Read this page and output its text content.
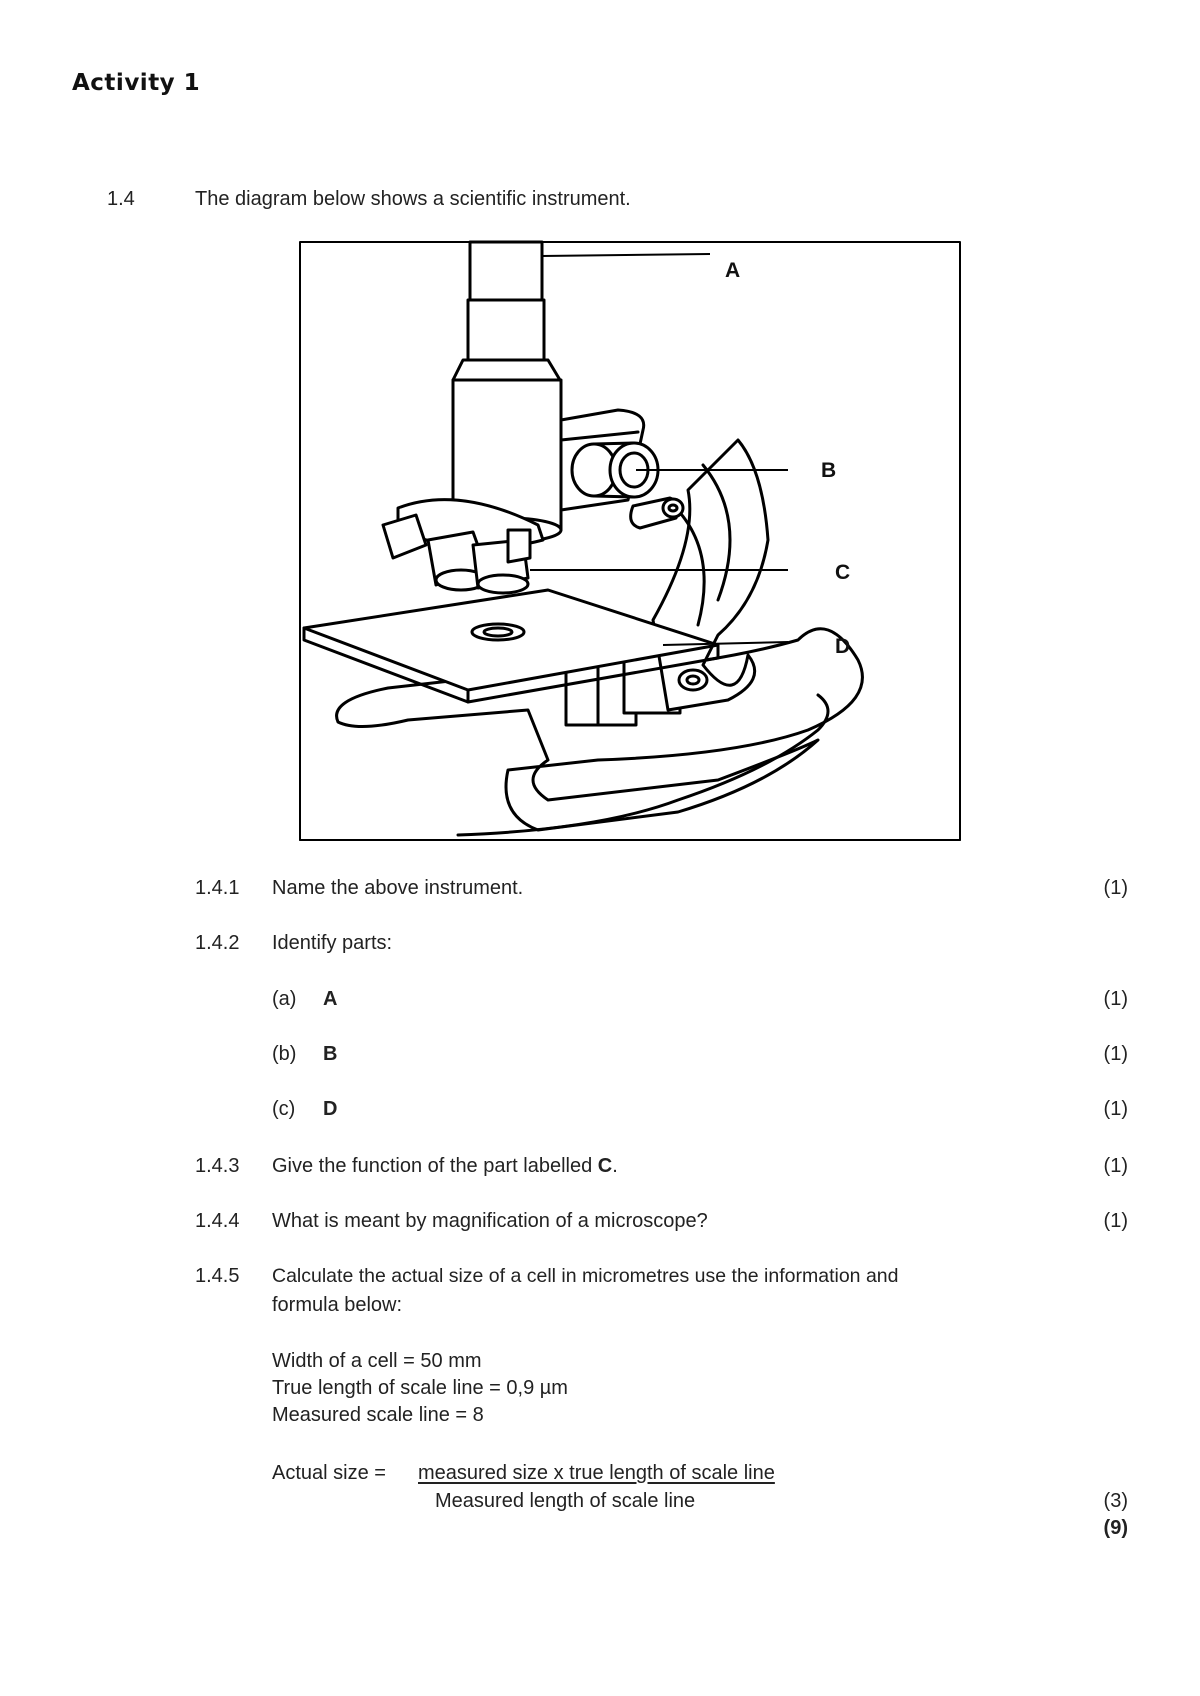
Activity 1
1.4	The diagram below shows a scientific instrument.
A
B
C
D
1.4.1 Name the above instrument.	(1)
1.4.2 Identify parts:
(a) A	(1)
(b) B	(1)
(c) D	(1)
1.4.3 Give the function of the part labelled C.	(1)
1.4.4 What is meant by magnification of a microscope?	(1)
1.4.5 Calculate the actual size of a cell in micrometres use the information and
formula below:
Width of a cell = 50 mm
True length of scale line = 0,9 µm
Measured scale line = 8
Actual size = measured size x true length of scale line
Measured length of scale line	(3)
(9)
